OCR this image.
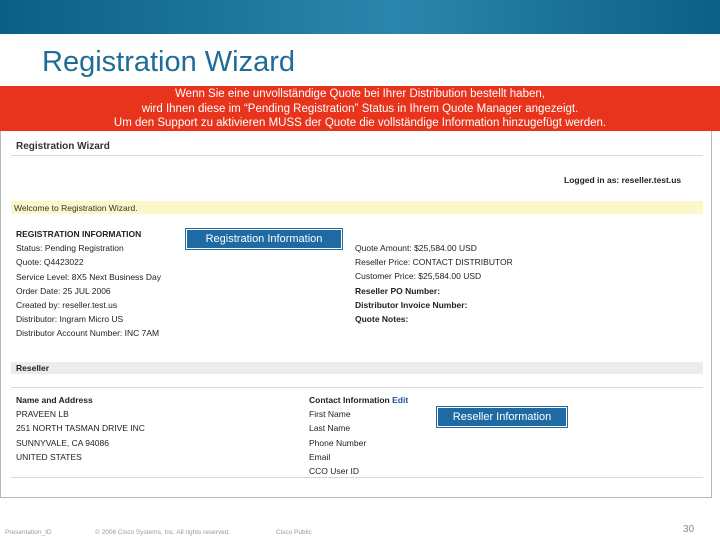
Registration Wizard
Wenn Sie eine unvollständige Quote bei Ihrer Distribution bestellt haben,
wird Ihnen diese im “Pending Registration” Status in Ihrem Quote Manager angezeigt.
Um den Support zu aktivieren MUSS der Quote die vollständige Information hinzugefügt werden.
Registration Wizard
Logged in as: reseller.test.us
Welcome to Registration Wizard.
REGISTRATION INFORMATION
Status: Pending Registration
Quote: Q4423022
Service Level: 8X5 Next Business Day
Order Date: 25 JUL 2006
Created by: reseller.test.us
Distributor: Ingram Micro US
Distributor Account Number: INC 7AM
Quote Amount: $25,584.00 USD
Reseller Price: CONTACT DISTRIBUTOR
Customer Price: $25,584.00 USD
Reseller PO Number:
Distributor Invoice Number:
Quote Notes:
Reseller
Name and Address
PRAVEEN LB
251 NORTH TASMAN DRIVE INC
SUNNYVALE, CA 94086
UNITED STATES
Contact Information Edit
First Name
Last Name
Phone Number
Email
CCO User ID
Registration Information
Reseller Information
Presentation_ID	© 2006 Cisco Systems, Inc. All rights reserved.	Cisco Public	30
